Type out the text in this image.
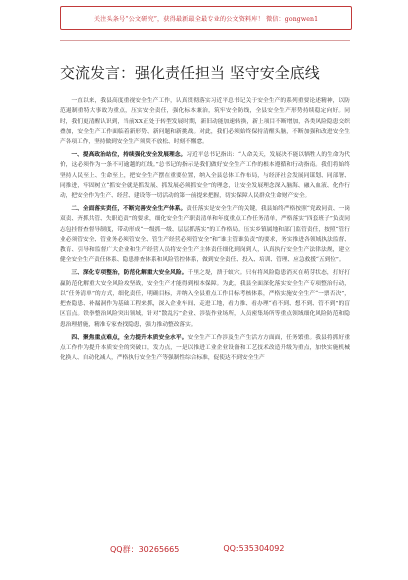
关注头条号“公文研究”，获得最新最全最专业的公文资料库！ 微信：gongwen1
交流发言：强化责任担当 坚守安全底线

一直以来，我县高度重视安全生产工作，认真贯彻落实习近平总书记关于安全生产的系列重要论述精神，以防范遏制重特大事故为重点，压实安全责任，强化标本兼治，筑牢安全防线，全县安全生产形势持续稳定向好。同时，我们更清醒认识到，当前XX正处于转型发展时期，新旧动能加速转换，新上项目不断增加，各类风险隐患交织叠加，安全生产工作面临着新形势、新问题和新挑战。对此，我们必须始终保持清醒头脑，不断加强和改进安全生产各项工作，坚持做到安全生产须臾不放松、时刻不懈怠。

一、提高政治站位，持续强化安全发展理念。习近平总书记指出：“人命关天，发展决不能以牺牲人的生命为代价，这必须作为一条不可逾越的红线。”总书记的指示是我们做好安全生产工作的根本遵循和行动指南。我们将始终坚持人民至上、生命至上，把安全生产摆在重要位置，纳入全县总体工作布局，与经济社会发展同谋划、同部署、同推进，牢固树立“抓安全就是抓发展、抓发展必须抓安全”的理念，让安全发展理念深入脑海、融入血液、化作行动，把安全作为生产、经营、建设等一切活动的第一前提来把握，切实保障人民群众生命财产安全。

二、全面落实责任，不断完善安全生产体系。责任落实是安全生产的关键，我县始终严格按照“党政同责、一岗双责、齐抓共管、失职追责”的要求，细化安全生产职责清单和年度重点工作任务清单，严格落实“四套班子”负责同志包挂督查督导制度，带动形成“一级抓一级、层层抓落实”的工作格局。压实乡镇属地和部门监管责任，按照“管行业必须管安全、管业务必须管安全、管生产经营必须管安全”和“谁主管谁负责”的要求，务实推进各领域执法监督、教育、引导和监督广大企业和生产经营人员将安全生产主体责任细化到岗到人，认真执行安全生产法律法规，建立健全安全生产责任体系、隐患排查体系和风险管控体系，做到安全责任、投入、培训、管理、应急救援“五到位”。

三、深化专项整治，防范化解重大安全风险。千里之堤，溃于蚁穴。只有将风险隐患消灭在萌芽状态，打好打赢防范化解重大安全风险攻坚战，安全生产才能得到根本保障。为此，我县全面深化落实安全生产专项整治行动，以“任务清单”的方式，细化责任，明确目标，并纳入全县重点工作目标考核体系，严格实施安全生产“一票否决”，把查隐患、补漏洞作为基础工程来抓，深入企业车间、走进工地，看力推、看办理“看不到、想不到、管不到”的盲区盲点。铁拳整治风险突出领域，针对“散乱污”企业、涉装作业场所，人员密集场所等重点领域细化风险防范和隐患治理措施，精准专家查找隐患，强力推动整改落实。

四、聚焦重点难点，全力提升本质安全水平。安全生产工作涉及生产生活方方面面，任务繁重。我县将抓好重点工作作为提升本质安全的突破口，发力点，一是以推进工业企业设备和工艺技术改造升级为重点，加快实施机械化换人、自动化减人，严格执行安全生产等强制性综合标准，促使达不到安全生产

QQ群：30265665	QQ:535304092
